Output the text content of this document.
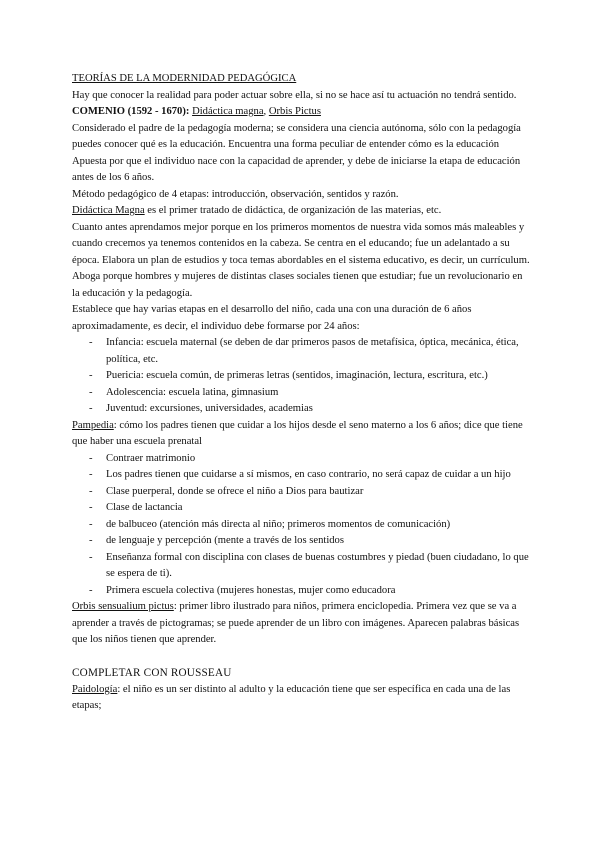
TEORÍAS DE LA MODERNIDAD PEDAGÓGICA

Hay que conocer la realidad para poder actuar sobre ella, si no se hace así tu actuación no tendrá sentido.

COMENIO (1592 - 1670): Didáctica magna, Orbis Pictus

Considerado el padre de la pedagogía moderna; se considera una ciencia autónoma, sólo con la pedagogía puedes conocer qué es la educación. Encuentra una forma peculiar de entender cómo es la educación

Apuesta por que el individuo nace con la capacidad de aprender, y debe de iniciarse la etapa de educación antes de los 6 años.

Método pedagógico de 4 etapas: introducción, observación, sentidos y razón.

Didáctica Magna es el primer tratado de didáctica, de organización de las materias, etc.

Cuanto antes aprendamos mejor porque en los primeros momentos de nuestra vida somos más maleables y cuando crecemos ya tenemos contenidos en la cabeza. Se centra en el educando; fue un adelantado a su época. Elabora un plan de estudios y toca temas abordables en el sistema educativo, es decir, un currículum. Aboga porque hombres y mujeres de distintas clases sociales tienen que estudiar; fue un revolucionario en la educación y la pedagogía.

Establece que hay varias etapas en el desarrollo del niño, cada una con una duración de 6 años aproximadamente, es decir, el individuo debe formarse por 24 años:

- Infancia: escuela maternal (se deben de dar primeros pasos de metafísica, óptica, mecánica, ética, política, etc.
- Puericia: escuela común, de primeras letras (sentidos, imaginación, lectura, escritura, etc.)
- Adolescencia: escuela latina, gimnasium
- Juventud: excursiones, universidades, academias

Pampedia: cómo los padres tienen que cuidar a los hijos desde el seno materno a los 6 años; dice que tiene que haber una escuela prenatal

- Contraer matrimonio
- Los padres tienen que cuidarse a sí mismos, en caso contrario, no será capaz de cuidar a un hijo
- Clase puerperal, donde se ofrece el niño a Dios para bautizar
- Clase de lactancia
- de balbuceo (atención más directa al niño; primeros momentos de comunicación)
- de lenguaje y percepción (mente a través de los sentidos
- Enseñanza formal con disciplina con clases de buenas costumbres y piedad (buen ciudadano, lo que se espera de ti).
- Primera escuela colectiva (mujeres honestas, mujer como educadora

Orbis sensualium pictus: primer libro ilustrado para niños, primera enciclopedia. Primera vez que se va a aprender a través de pictogramas; se puede aprender de un libro con imágenes. Aparecen palabras básicas que los niños tienen que aprender.

COMPLETAR CON ROUSSEAU

Paidología: el niño es un ser distinto al adulto y la educación tiene que ser específica en cada una de las etapas;
